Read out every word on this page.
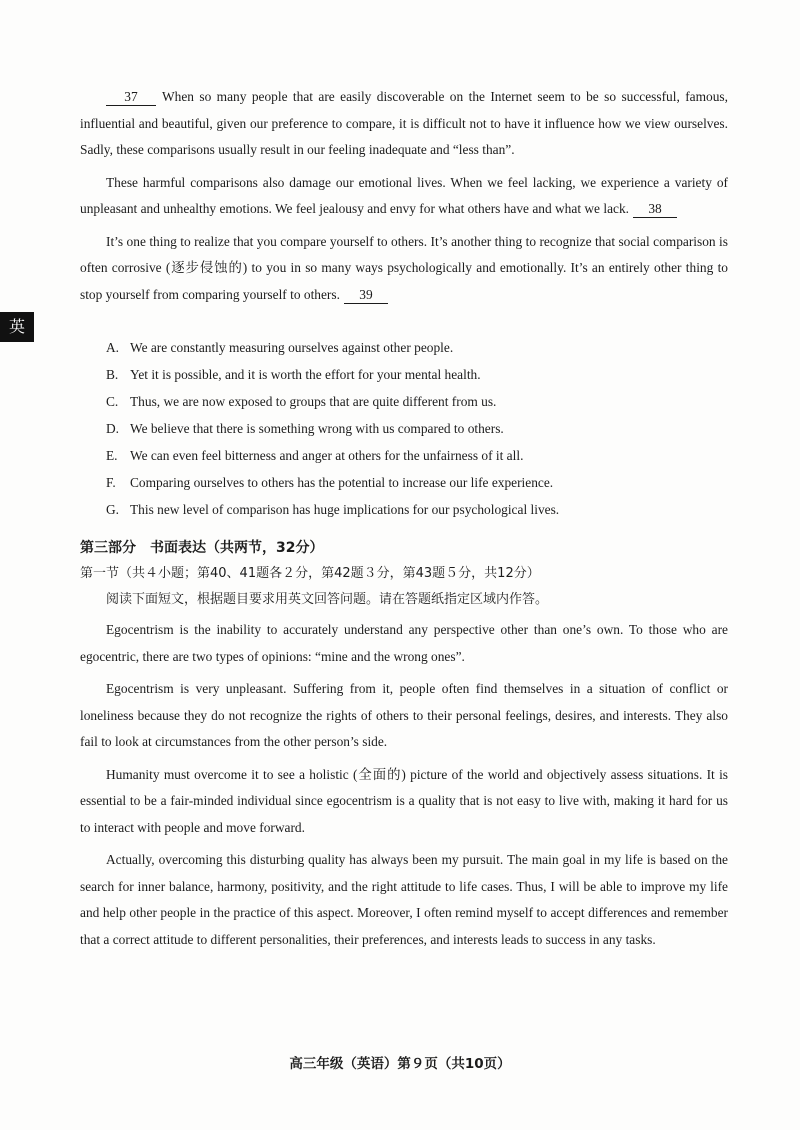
英

37 When so many people that are easily discoverable on the Internet seem to be so successful, famous, influential and beautiful, given our preference to compare, it is difficult not to have it influence how we view ourselves. Sadly, these comparisons usually result in our feeling inadequate and “less than”.

These harmful comparisons also damage our emotional lives. When we feel lacking, we experience a variety of unpleasant and unhealthy emotions. We feel jealousy and envy for what others have and what we lack. 38

It’s one thing to realize that you compare yourself to others. It’s another thing to recognize that social comparison is often corrosive (逐步侵蚀的) to you in so many ways psychologically and emotionally. It’s an entirely other thing to stop yourself from comparing yourself to others. 39

A. We are constantly measuring ourselves against other people.
B. Yet it is possible, and it is worth the effort for your mental health.
C. Thus, we are now exposed to groups that are quite different from us.
D. We believe that there is something wrong with us compared to others.
E. We can even feel bitterness and anger at others for the unfairness of it all.
F. Comparing ourselves to others has the potential to increase our life experience.
G. This new level of comparison has huge implications for our psychological lives.
第三部分　书面表达（共两节，32分）
第一节（共４小题；第40、41题各２分，第42题３分，第43题５分，共12分）
阅读下面短文，根据题目要求用英文回答问题。请在答题纸指定区域内作答。

Egocentrism is the inability to accurately understand any perspective other than one’s own. To those who are egocentric, there are two types of opinions: “mine and the wrong ones”.

Egocentrism is very unpleasant. Suffering from it, people often find themselves in a situation of conflict or loneliness because they do not recognize the rights of others to their personal feelings, desires, and interests. They also fail to look at circumstances from the other person’s side.

Humanity must overcome it to see a holistic (全面的) picture of the world and objectively assess situations. It is essential to be a fair-minded individual since egocentrism is a quality that is not easy to live with, making it hard for us to interact with people and move forward.

Actually, overcoming this disturbing quality has always been my pursuit. The main goal in my life is based on the search for inner balance, harmony, positivity, and the right attitude to life cases. Thus, I will be able to improve my life and help other people in the practice of this aspect. Moreover, I often remind myself to accept differences and remember that a correct attitude to different personalities, their preferences, and interests leads to success in any tasks.

高三年级（英语）第９页（共10页）
